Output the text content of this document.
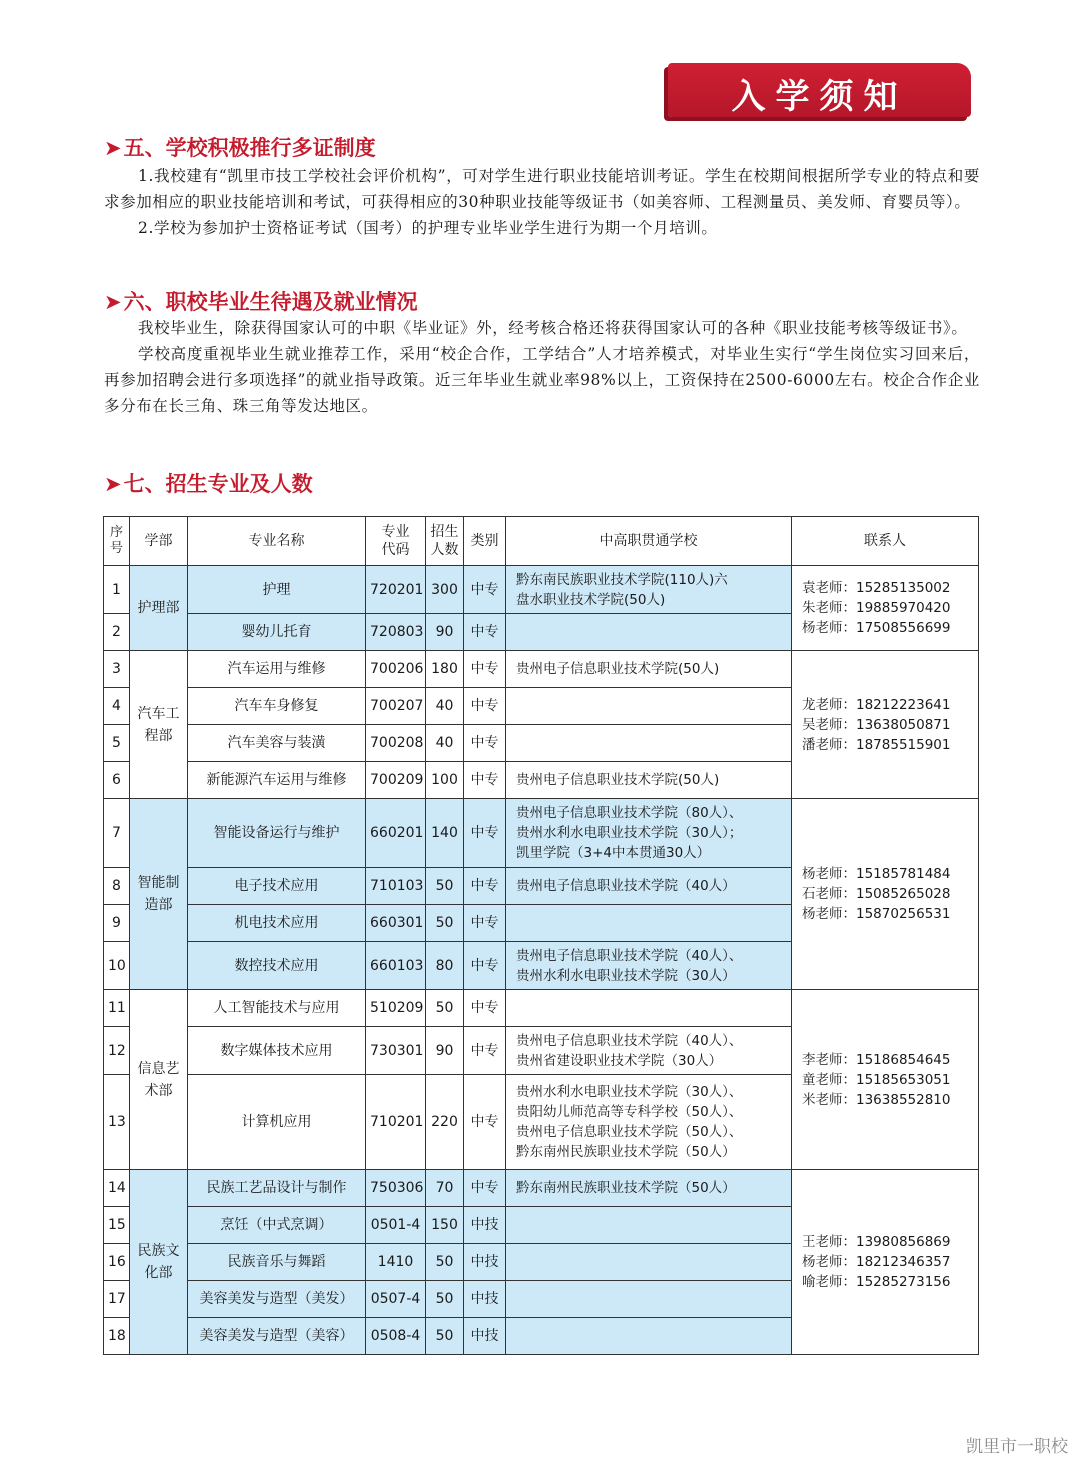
入学须知
➤五、学校积极推行多证制度

1.我校建有“凯里市技工学校社会评价机构”，可对学生进行职业技能培训考证。学生在校期间根据所学专业的特点和要求参加相应的职业技能培训和考试，可获得相应的30种职业技能等级证书（如美容师、工程测量员、美发师、育婴员等）。

2.学校为参加护士资格证考试（国考）的护理专业毕业学生进行为期一个月培训。

➤六、职校毕业生待遇及就业情况

我校毕业生，除获得国家认可的中职《毕业证》外，经考核合格还将获得国家认可的各种《职业技能考核等级证书》。

学校高度重视毕业生就业推荐工作，采用“校企合作，工学结合”人才培养模式，对毕业生实行“学生岗位实习回来后，再参加招聘会进行多项选择”的就业指导政策。近三年毕业生就业率98%以上，工资保持在2500-6000左右。校企合作企业多分布在长三角、珠三角等发达地区。

➤七、招生专业及人数
序号	学部	专业名称	专业代码	招生人数	类别	中高职贯通学校	联系人
1	护理部	护理	720201	300	中专	黔东南民族职业技术学院(110人)六
盘水职业技术学院(50人)	袁老师：15285135002
朱老师：19885970420
杨老师：17508556699

2		婴幼儿托育	720803	90	中专		
3	汽车工程部	汽车运用与维修	700206	180	中专	贵州电子信息职业技术学院(50人)	龙老师：18212223641
吴老师：13638050871
潘老师：18785515901

4		汽车车身修复	700207	40	中专		
5		汽车美容与装潢	700208	40	中专		
6		新能源汽车运用与维修	700209	100	中专	贵州电子信息职业技术学院(50人)	

7	智能制造部	智能设备运行与维护	660201	140	中专	贵州电子信息职业技术学院（80人）、
贵州水利水电职业技术学院（30人）；
凯里学院（3+4中本贯通30人）	杨老师：15185781484
石老师：15085265028
杨老师：15870256531

8		电子技术应用	710103	50	中专	贵州电子信息职业技术学院（40人）	

9		机电技术应用	660301	50	中专		
10		数控技术应用	660103	80	中专	贵州电子信息职业技术学院（40人）、
贵州水利水电职业技术学院（30人）	

11	信息艺术部	人工智能技术与应用	510209	50	中专		李老师：15186854645
童老师：15185653051
米老师：13638552810

12		数字媒体技术应用	730301	90	中专	贵州电子信息职业技术学院（40人）、
贵州省建设职业技术学院（30人）	

13		计算机应用	710201	220	中专	贵州水利水电职业技术学院（30人）、
贵阳幼儿师范高等专科学校（50人）、
贵州电子信息职业技术学院（50人）、
黔东南州民族职业技术学院（50人）	

14	民族文化部	民族工艺品设计与制作	750306	70	中专	黔东南州民族职业技术学院（50人）	王老师：13980856869
杨老师：18212346357
喻老师：15285273156

15		烹饪（中式烹调）	0501-4	150	中技		
16		民族音乐与舞蹈	1410	50	中技		
17		美容美发与造型（美发）	0507-4	50	中技		
18		美容美发与造型（美容）	0508-4	50	中技		
凯里市一职校
